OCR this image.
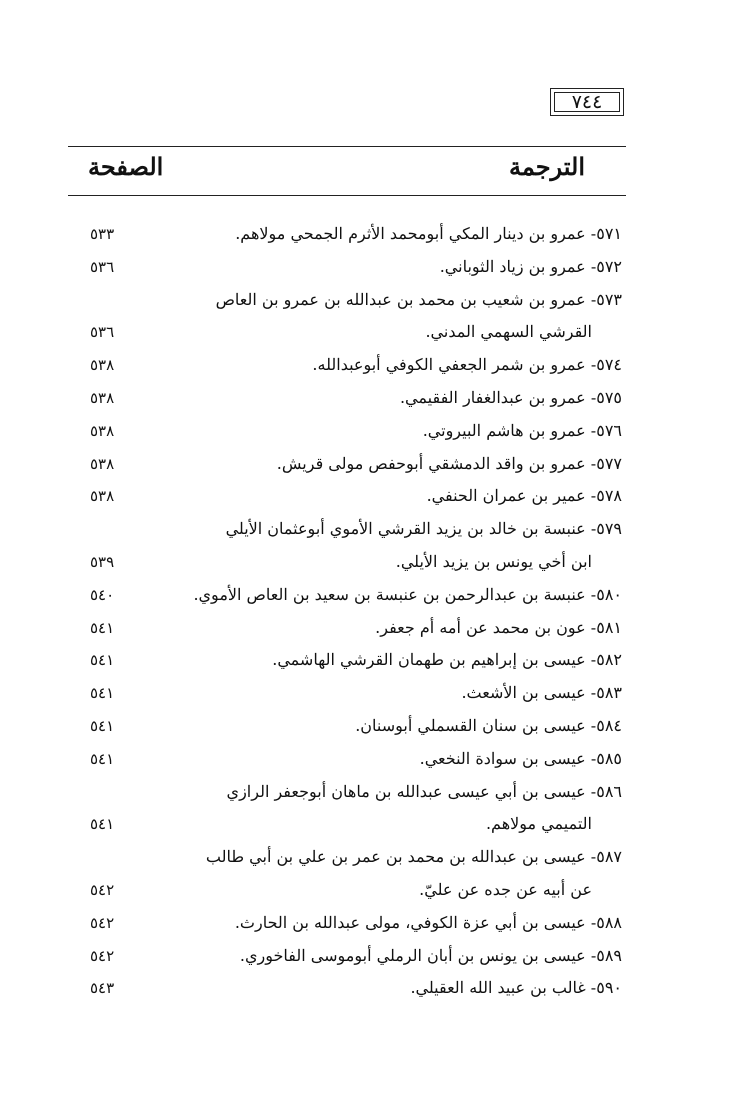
٧٤٤
الترجمة
الصفحة
٥٧١- عمرو بن دينار المكي أبومحمد الأثرم الجمحي مولاهم.
٥٣٣
٥٧٢- عمرو بن زياد الثوباني.
٥٣٦
٥٧٣- عمرو بن شعيب بن محمد بن عبدالله بن عمرو بن العاص
القرشي السهمي المدني.
٥٣٦
٥٧٤- عمرو بن شمر الجعفي الكوفي أبوعبدالله.
٥٣٨
٥٧٥- عمرو بن عبدالغفار الفقيمي.
٥٣٨
٥٧٦- عمرو بن هاشم البيروتي.
٥٣٨
٥٧٧- عمرو بن واقد الدمشقي أبوحفص مولى قريش.
٥٣٨
٥٧٨- عمير بن عمران الحنفي.
٥٣٨
٥٧٩- عنبسة بن خالد بن يزيد القرشي الأموي أبوعثمان الأيلي
ابن أخي يونس بن يزيد الأيلي.
٥٣٩
٥٨٠- عنبسة بن عبدالرحمن بن عنبسة بن سعيد بن العاص الأموي.
٥٤٠
٥٨١- عون بن محمد عن أمه أم جعفر.
٥٤١
٥٨٢- عيسى بن إبراهيم بن طهمان القرشي الهاشمي.
٥٤١
٥٨٣- عيسى بن الأشعث.
٥٤١
٥٨٤- عيسى بن سنان القسملي أبوسنان.
٥٤١
٥٨٥- عيسى بن سوادة النخعي.
٥٤١
٥٨٦- عيسى بن أبي عيسى عبدالله بن ماهان أبوجعفر الرازي
التميمي مولاهم.
٥٤١
٥٨٧- عيسى بن عبدالله بن محمد بن عمر بن علي بن أبي طالب
عن أبيه عن جده عن عليّ.
٥٤٢
٥٨٨- عيسى بن أبي عزة الكوفي، مولى عبدالله بن الحارث.
٥٤٢
٥٨٩- عيسى بن يونس بن أبان الرملي أبوموسى الفاخوري.
٥٤٢
٥٩٠- غالب بن عبيد الله العقيلي.
٥٤٣
